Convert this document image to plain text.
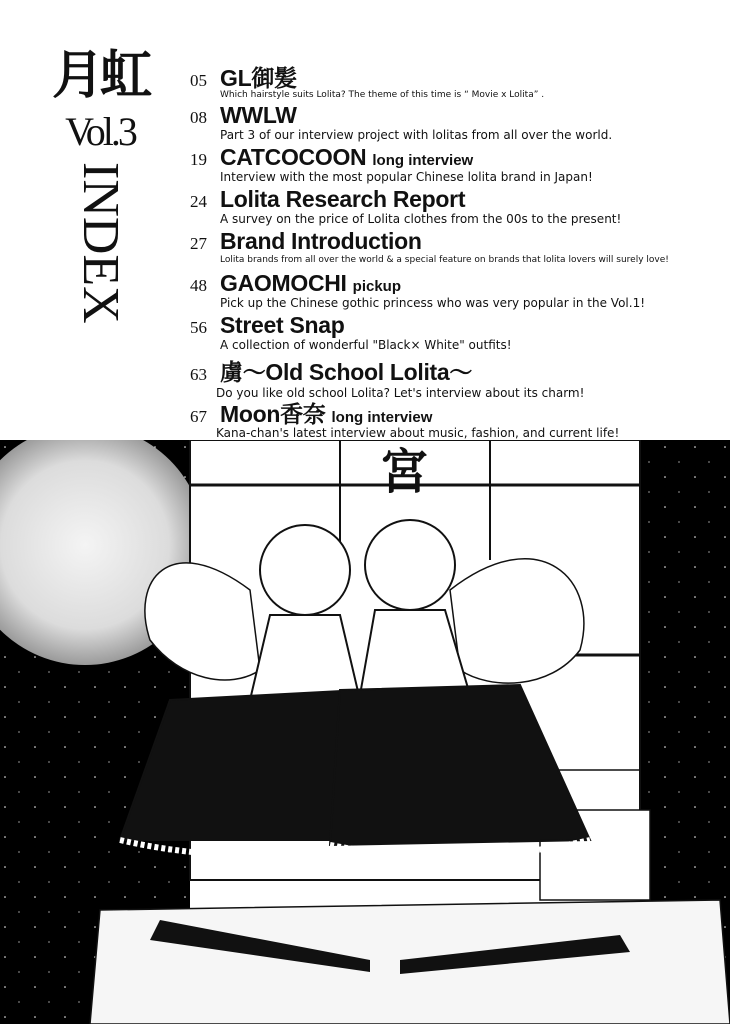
月虹
Vol.3
INDEX
05 GL御髪
Which hairstyle suits Lolita? The theme of this time is “ Movie x Lolita” .
08 WWLW
Part 3 of our interview project with lolitas from all over the world.
19 CATCOCOON long interview
Interview with the most popular Chinese lolita brand in Japan!
24 Lolita Research Report
A survey on the price of Lolita clothes from the 00s to the present!
27 Brand Introduction
Lolita brands from all over the world & a special feature on brands that lolita lovers will surely love!
48 GAOMOCHI pickup
Pick up the Chinese gothic princess who was very popular in the Vol.1!
56 Street Snap
A collection of wonderful "Black× White" outfits!
63 虜～Old School Lolita～
Do you like old school Lolita? Let's interview about its charm!
67 Moon香奈 long interview
Kana-chan's latest interview about music, fashion, and current life!
宮
